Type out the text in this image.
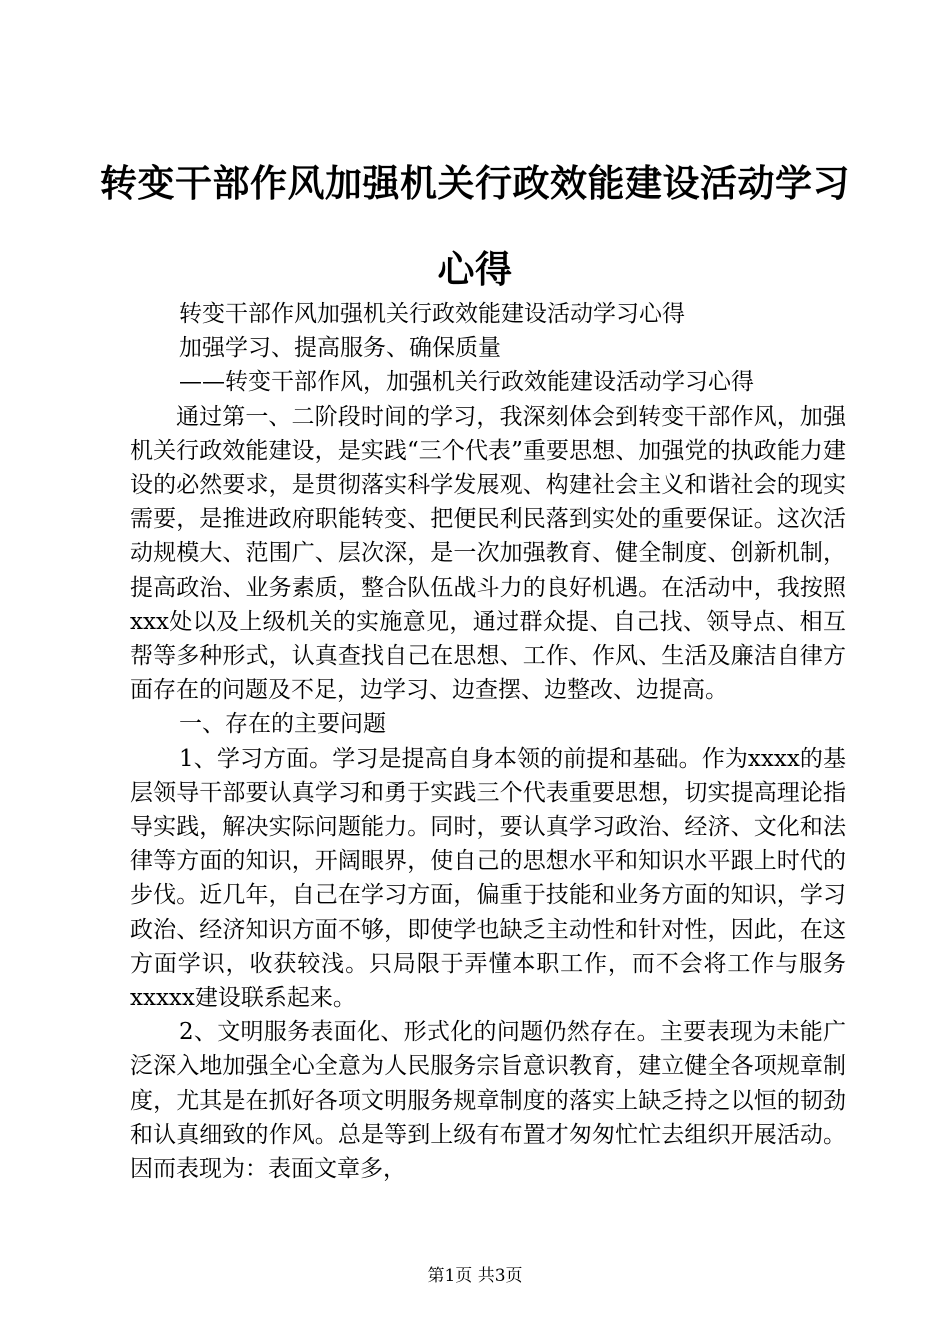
转变干部作风加强机关行政效能建设活动学习
心得

转变干部作风加强机关行政效能建设活动学习心得

加强学习、提高服务、确保质量

——转变干部作风，加强机关行政效能建设活动学习心得

通过第一、二阶段时间的学习，我深刻体会到转变干部作风，加强机关行政效能建设，是实践“三个代表”重要思想、加强党的执政能力建设的必然要求，是贯彻落实科学发展观、构建社会主义和谐社会的现实需要，是推进政府职能转变、把便民利民落到实处的重要保证。这次活动规模大、范围广、层次深，是一次加强教育、健全制度、创新机制，提高政治、业务素质，整合队伍战斗力的良好机遇。在活动中，我按照xxx处以及上级机关的实施意见，通过群众提、自己找、领导点、相互帮等多种形式，认真查找自己在思想、工作、作风、生活及廉洁自律方面存在的问题及不足，边学习、边查摆、边整改、边提高。

一、存在的主要问题

1、学习方面。学习是提高自身本领的前提和基础。作为xxxx的基层领导干部要认真学习和勇于实践三个代表重要思想，切实提高理论指导实践，解决实际问题能力。同时，要认真学习政治、经济、文化和法律等方面的知识，开阔眼界，使自己的思想水平和知识水平跟上时代的步伐。近几年，自己在学习方面，偏重于技能和业务方面的知识，学习政治、经济知识方面不够，即使学也缺乏主动性和针对性，因此，在这方面学识，收获较浅。只局限于弄懂本职工作，而不会将工作与服务xxxxx建设联系起来。

2、文明服务表面化、形式化的问题仍然存在。主要表现为未能广泛深入地加强全心全意为人民服务宗旨意识教育，建立健全各项规章制度，尤其是在抓好各项文明服务规章制度的落实上缺乏持之以恒的韧劲和认真细致的作风。总是等到上级有布置才匆匆忙忙去组织开展活动。因而表现为：表面文章多，

第1页 共3页
